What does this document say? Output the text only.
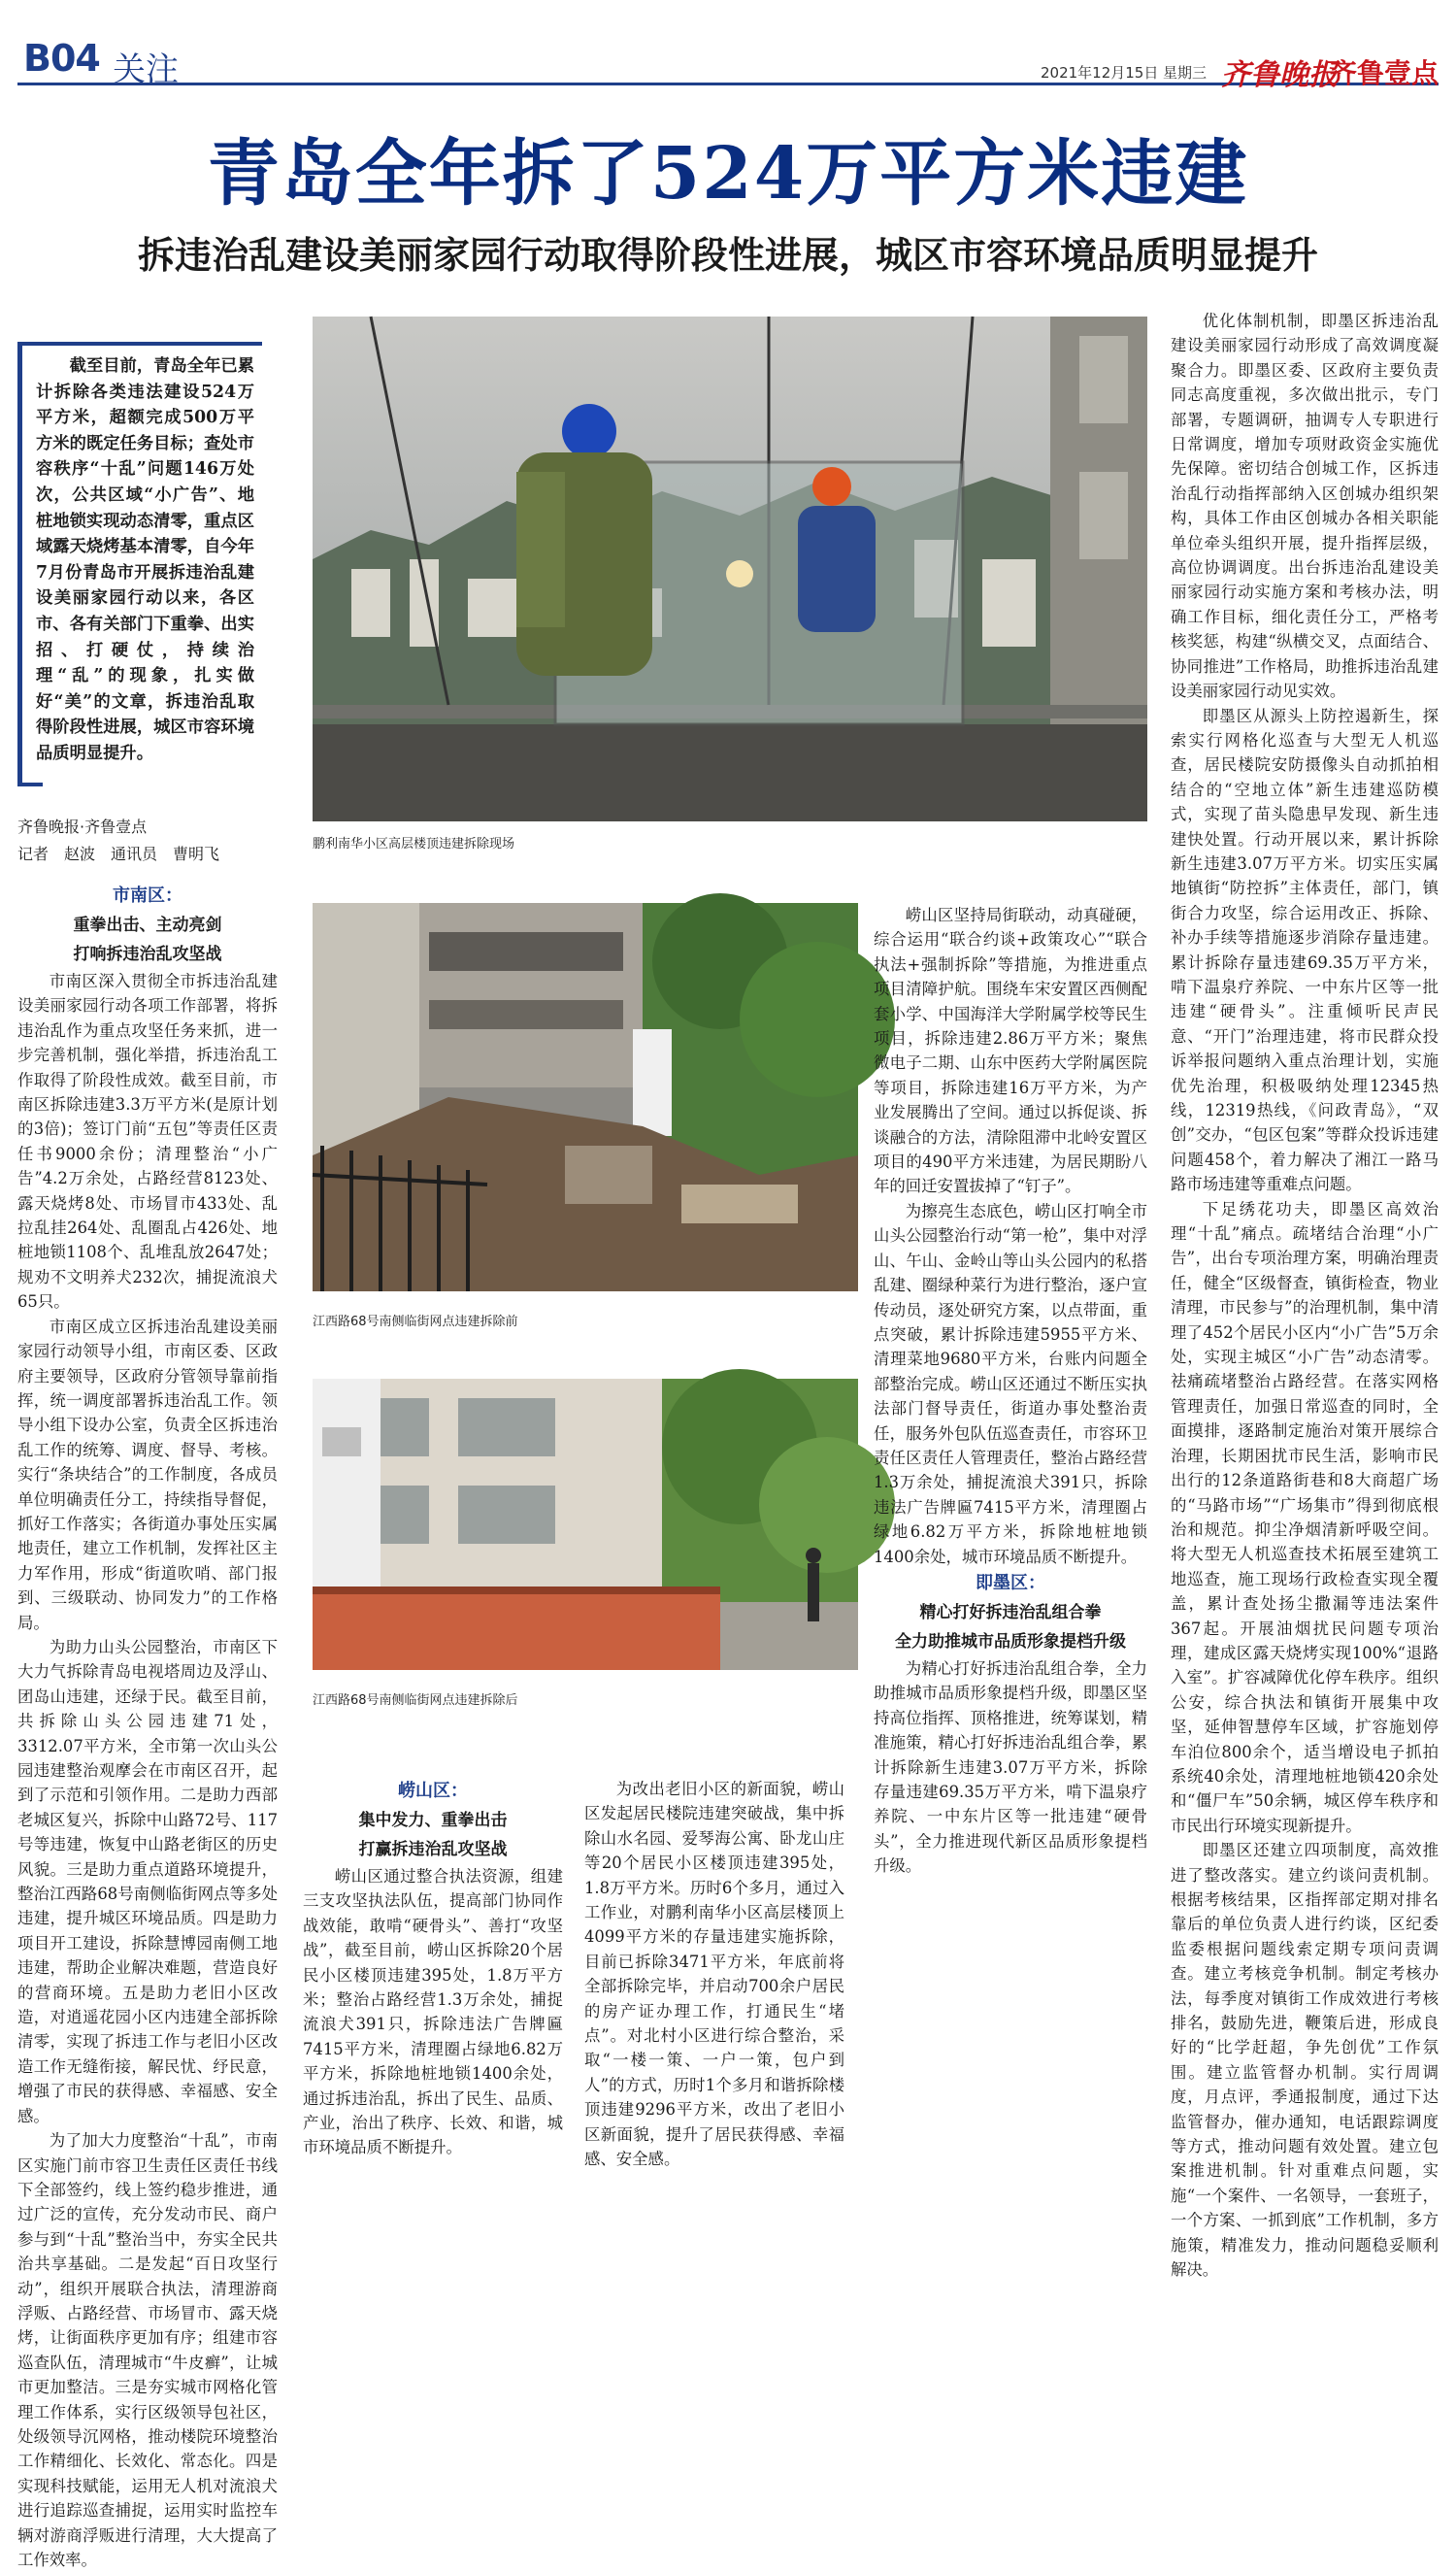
B04 关注	2021年12月15日 星期三 齐鲁晚报
齐鲁壹点
青岛全年拆了524万平方米违建
拆违治乱建设美丽家园行动取得阶段性进展，城区市容环境品质明显提升

截至目前，青岛全年已累计拆除各类违法建设524万平方米，超额完成500万平方米的既定任务目标；查处市容秩序“十乱”问题146万处次，公共区域“小广告”、地桩地锁实现动态清零，重点区域露天烧烤基本清零，自今年7月份青岛市开展拆违治乱建设美丽家园行动以来，各区市、各有关部门下重拳、出实招、打硬仗，持续治理“乱”的现象，扎实做好“美”的文章，拆违治乱取得阶段性进展，城区市容环境品质明显提升。

齐鲁晚报·齐鲁壹点
记者　赵波　通讯员　曹明飞
鹏利南华小区高层楼顶违建拆除现场
江西路68号南侧临街网点违建拆除前
江西路68号南侧临街网点违建拆除后

市南区：

重拳出击、主动亮剑

打响拆违治乱攻坚战

市南区深入贯彻全市拆违治乱建设美丽家园行动各项工作部署，将拆违治乱作为重点攻坚任务来抓，进一步完善机制，强化举措，拆违治乱工作取得了阶段性成效。截至目前，市南区拆除违建3.3万平方米(是原计划的3倍)；签订门前“五包”等责任区责任书9000余份；清理整治“小广告”4.2万余处，占路经营8123处、露天烧烤8处、市场冒市433处、乱拉乱挂264处、乱圈乱占426处、地桩地锁1108个、乱堆乱放2647处；规劝不文明养犬232次，捕捉流浪犬65只。

市南区成立区拆违治乱建设美丽家园行动领导小组，市南区委、区政府主要领导，区政府分管领导靠前指挥，统一调度部署拆违治乱工作。领导小组下设办公室，负责全区拆违治乱工作的统筹、调度、督导、考核。实行“条块结合”的工作制度，各成员单位明确责任分工，持续指导督促，抓好工作落实；各街道办事处压实属地责任，建立工作机制，发挥社区主力军作用，形成“街道吹哨、部门报到、三级联动、协同发力”的工作格局。

为助力山头公园整治，市南区下大力气拆除青岛电视塔周边及浮山、团岛山违建，还绿于民。截至目前，共拆除山头公园违建71处，3312.07平方米，全市第一次山头公园违建整治观摩会在市南区召开，起到了示范和引领作用。二是助力西部老城区复兴，拆除中山路72号、117号等违建，恢复中山路老街区的历史风貌。三是助力重点道路环境提升，整治江西路68号南侧临街网点等多处违建，提升城区环境品质。四是助力项目开工建设，拆除慧博园南侧工地违建，帮助企业解决难题，营造良好的营商环境。五是助力老旧小区改造，对逍遥花园小区内违建全部拆除清零，实现了拆违工作与老旧小区改造工作无缝衔接，解民忧、纾民意，增强了市民的获得感、幸福感、安全感。

为了加大力度整治“十乱”，市南区实施门前市容卫生责任区责任书线下全部签约，线上签约稳步推进，通过广泛的宣传，充分发动市民、商户参与到“十乱”整治当中，夯实全民共治共享基础。二是发起“百日攻坚行动”，组织开展联合执法，清理游商浮贩、占路经营、市场冒市、露天烧烤，让街面秩序更加有序；组建市容巡查队伍，清理城市“牛皮癣”，让城市更加整洁。三是夯实城市网格化管理工作体系，实行区级领导包社区，处级领导沉网格，推动楼院环境整治工作精细化、长效化、常态化。四是实现科技赋能，运用无人机对流浪犬进行追踪巡查捕捉，运用实时监控车辆对游商浮贩进行清理，大大提高了工作效率。

崂山区：

集中发力、重拳出击

打赢拆违治乱攻坚战

崂山区通过整合执法资源，组建三支攻坚执法队伍，提高部门协同作战效能，敢啃“硬骨头”、善打“攻坚战”，截至目前，崂山区拆除20个居民小区楼顶违建395处，1.8万平方米；整治占路经营1.3万余处，捕捉流浪犬391只，拆除违法广告牌匾7415平方米，清理圈占绿地6.82万平方米，拆除地桩地锁1400余处，通过拆违治乱，拆出了民生、品质、产业，治出了秩序、长效、和谐，城市环境品质不断提升。

为改出老旧小区的新面貌，崂山区发起居民楼院违建突破战，集中拆除山水名园、爱琴海公寓、卧龙山庄等20个居民小区楼顶违建395处，1.8万平方米。历时6个多月，通过入工作业，对鹏利南华小区高层楼顶上4099平方米的存量违建实施拆除，目前已拆除3471平方米，年底前将全部拆除完毕，并启动700余户居民的房产证办理工作，打通民生“堵点”。对北村小区进行综合整治，采取“一楼一策、一户一策，包户到人”的方式，历时1个多月和谐拆除楼顶违建9296平方米，改出了老旧小区新面貌，提升了居民获得感、幸福感、安全感。

崂山区坚持局街联动，动真碰硬，综合运用“联合约谈+政策攻心”“联合执法+强制拆除”等措施，为推进重点项目清障护航。围绕车宋安置区西侧配套小学、中国海洋大学附属学校等民生项目，拆除违建2.86万平方米；聚焦微电子二期、山东中医药大学附属医院等项目，拆除违建16万平方米，为产业发展腾出了空间。通过以拆促谈、拆谈融合的方法，清除阻滞中北岭安置区项目的490平方米违建，为居民期盼八年的回迁安置拔掉了“钉子”。

为擦亮生态底色，崂山区打响全市山头公园整治行动“第一枪”，集中对浮山、午山、金岭山等山头公园内的私搭乱建、圈绿种菜行为进行整治，逐户宣传动员，逐处研究方案，以点带面，重点突破，累计拆除违建5955平方米、清理菜地9680平方米，台账内问题全部整治完成。崂山区还通过不断压实执法部门督导责任，街道办事处整治责任，服务外包队伍巡查责任，市容环卫责任区责任人管理责任，整治占路经营1.3万余处，捕捉流浪犬391只，拆除违法广告牌匾7415平方米，清理圈占绿地6.82万平方米，拆除地桩地锁1400余处，城市环境品质不断提升。

即墨区：

精心打好拆违治乱组合拳

全力助推城市品质形象提档升级

为精心打好拆违治乱组合拳，全力助推城市品质形象提档升级，即墨区坚持高位指挥、顶格推进，统筹谋划，精准施策，精心打好拆违治乱组合拳，累计拆除新生违建3.07万平方米，拆除存量违建69.35万平方米，啃下温泉疗养院、一中东片区等一批违建“硬骨头”，全力推进现代新区品质形象提档升级。

优化体制机制，即墨区拆违治乱建设美丽家园行动形成了高效调度凝聚合力。即墨区委、区政府主要负责同志高度重视，多次做出批示，专门部署，专题调研，抽调专人专职进行日常调度，增加专项财政资金实施优先保障。密切结合创城工作，区拆违治乱行动指挥部纳入区创城办组织架构，具体工作由区创城办各相关职能单位牵头组织开展，提升指挥层级，高位协调调度。出台拆违治乱建设美丽家园行动实施方案和考核办法，明确工作目标，细化责任分工，严格考核奖惩，构建“纵横交叉，点面结合、协同推进”工作格局，助推拆违治乱建设美丽家园行动见实效。

即墨区从源头上防控遏新生，探索实行网格化巡查与大型无人机巡查，居民楼院安防摄像头自动抓拍相结合的“空地立体”新生违建巡防模式，实现了苗头隐患早发现、新生违建快处置。行动开展以来，累计拆除新生违建3.07万平方米。切实压实属地镇街“防控拆”主体责任，部门，镇街合力攻坚，综合运用改正、拆除、补办手续等措施逐步消除存量违建。累计拆除存量违建69.35万平方米，啃下温泉疗养院、一中东片区等一批违建“硬骨头”。注重倾听民声民意、“开门”治理违建，将市民群众投诉举报问题纳入重点治理计划，实施优先治理，积极吸纳处理12345热线，12319热线，《问政青岛》，“双创”交办，“包区包案”等群众投诉违建问题458个，着力解决了湘江一路马路市场违建等重难点问题。

下足绣花功夫，即墨区高效治理“十乱”痛点。疏堵结合治理“小广告”，出台专项治理方案，明确治理责任，健全“区级督查，镇街检查，物业清理，市民参与”的治理机制，集中清理了452个居民小区内“小广告”5万余处，实现主城区“小广告”动态清零。祛痛疏堵整治占路经营。在落实网格管理责任，加强日常巡查的同时，全面摸排，逐路制定施治对策开展综合治理，长期困扰市民生活，影响市民出行的12条道路街巷和8大商超广场的“马路市场”“广场集市”得到彻底根治和规范。抑尘净烟清新呼吸空间。将大型无人机巡查技术拓展至建筑工地巡查，施工现场行政检查实现全覆盖，累计查处扬尘撒漏等违法案件367起。开展油烟扰民问题专项治理，建成区露天烧烤实现100%“退路入室”。扩容减障优化停车秩序。组织公安，综合执法和镇街开展集中攻坚，延伸智慧停车区域，扩容施划停车泊位800余个，适当增设电子抓拍系统40余处，清理地桩地锁420余处和“僵尸车”50余辆，城区停车秩序和市民出行环境实现新提升。

即墨区还建立四项制度，高效推进了整改落实。建立约谈问责机制。根据考核结果，区指挥部定期对排名靠后的单位负责人进行约谈，区纪委监委根据问题线索定期专项问责调查。建立考核竞争机制。制定考核办法，每季度对镇街工作成效进行考核排名，鼓励先进，鞭策后进，形成良好的“比学赶超，争先创优”工作氛围。建立监管督办机制。实行周调度，月点评，季通报制度，通过下达监管督办，催办通知，电话跟踪调度等方式，推动问题有效处置。建立包案推进机制。针对重难点问题，实施“一个案件、一名领导，一套班子，一个方案、一抓到底”工作机制，多方施策，精准发力，推动问题稳妥顺利解决。
